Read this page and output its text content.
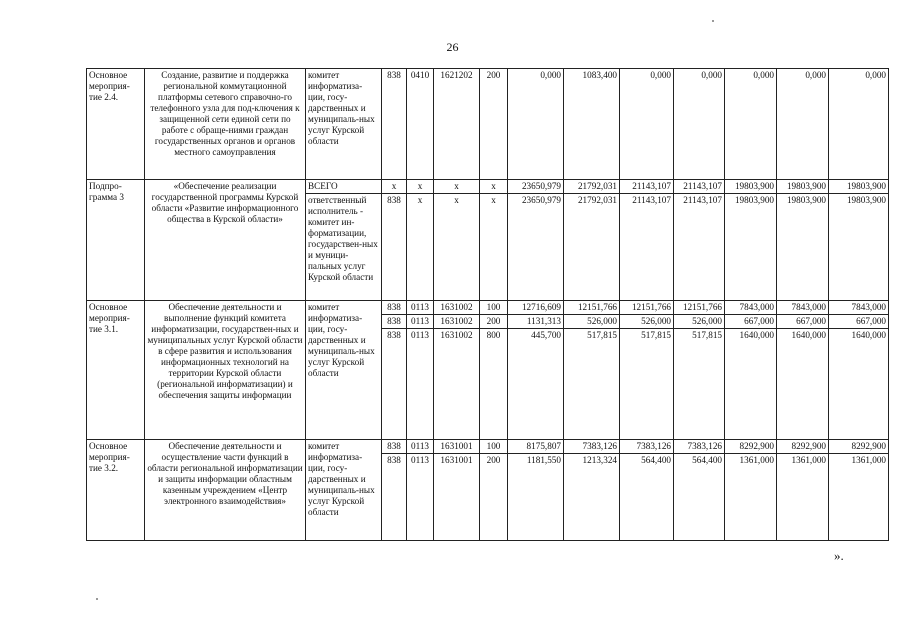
26
Основное мероприя-тие 2.4.	Создание, развитие и поддержка региональной коммутационной платформы сетевого справочно-го телефонного узла для под-ключения к защищенной сети единой сети по работе с обраще-ниями граждан государственных органов и органов местного самоуправления	комитет информатиза-ции, госу-дарственных и муниципаль-ных услуг Курской области	838	0410	1621202	200	0,000	1083,400	0,000	0,000	0,000	0,000	0,000
Подпро-грамма 3	«Обеспечение реализации государственной программы Курской области «Развитие информационного общества в Курской области»	ВСЕГО	х	х	х	х	23650,979	21792,031	21143,107	21143,107	19803,900	19803,900	19803,900
		ответственный исполнитель - комитет ин-форматизации, государствен-ных и муници-пальных услуг Курской области	838	х	х	х	23650,979	21792,031	21143,107	21143,107	19803,900	19803,900	19803,900
Основное мероприя-тие 3.1.	Обеспечение деятельности и выполнение функций комитета информатизации, государствен-ных и муниципальных услуг Курской области в сфере развития и использования информационных технологий на территории Курской области (региональной информатизации) и обеспечения защиты информации	комитет информатиза-ции, госу-дарственных и муниципаль-ных услуг Курской области	838	0113	1631002	100	12716,609	12151,766	12151,766	12151,766	7843,000	7843,000	7843,000
			838	0113	1631002	200	1131,313	526,000	526,000	526,000	667,000	667,000	667,000
			838	0113	1631002	800	445,700	517,815	517,815	517,815	1640,000	1640,000	1640,000
Основное мероприя-тие 3.2.	Обеспечение деятельности и осуществление части функций в области региональной информатизации и защиты информации областным казенным учреждением «Центр электронного взаимодействия»	комитет информатиза-ции, госу-дарственных и муниципаль-ных услуг Курской области	838	0113	1631001	100	8175,807	7383,126	7383,126	7383,126	8292,900	8292,900	8292,900
			838	0113	1631001	200	1181,550	1213,324	564,400	564,400	1361,000	1361,000	1361,000
».
